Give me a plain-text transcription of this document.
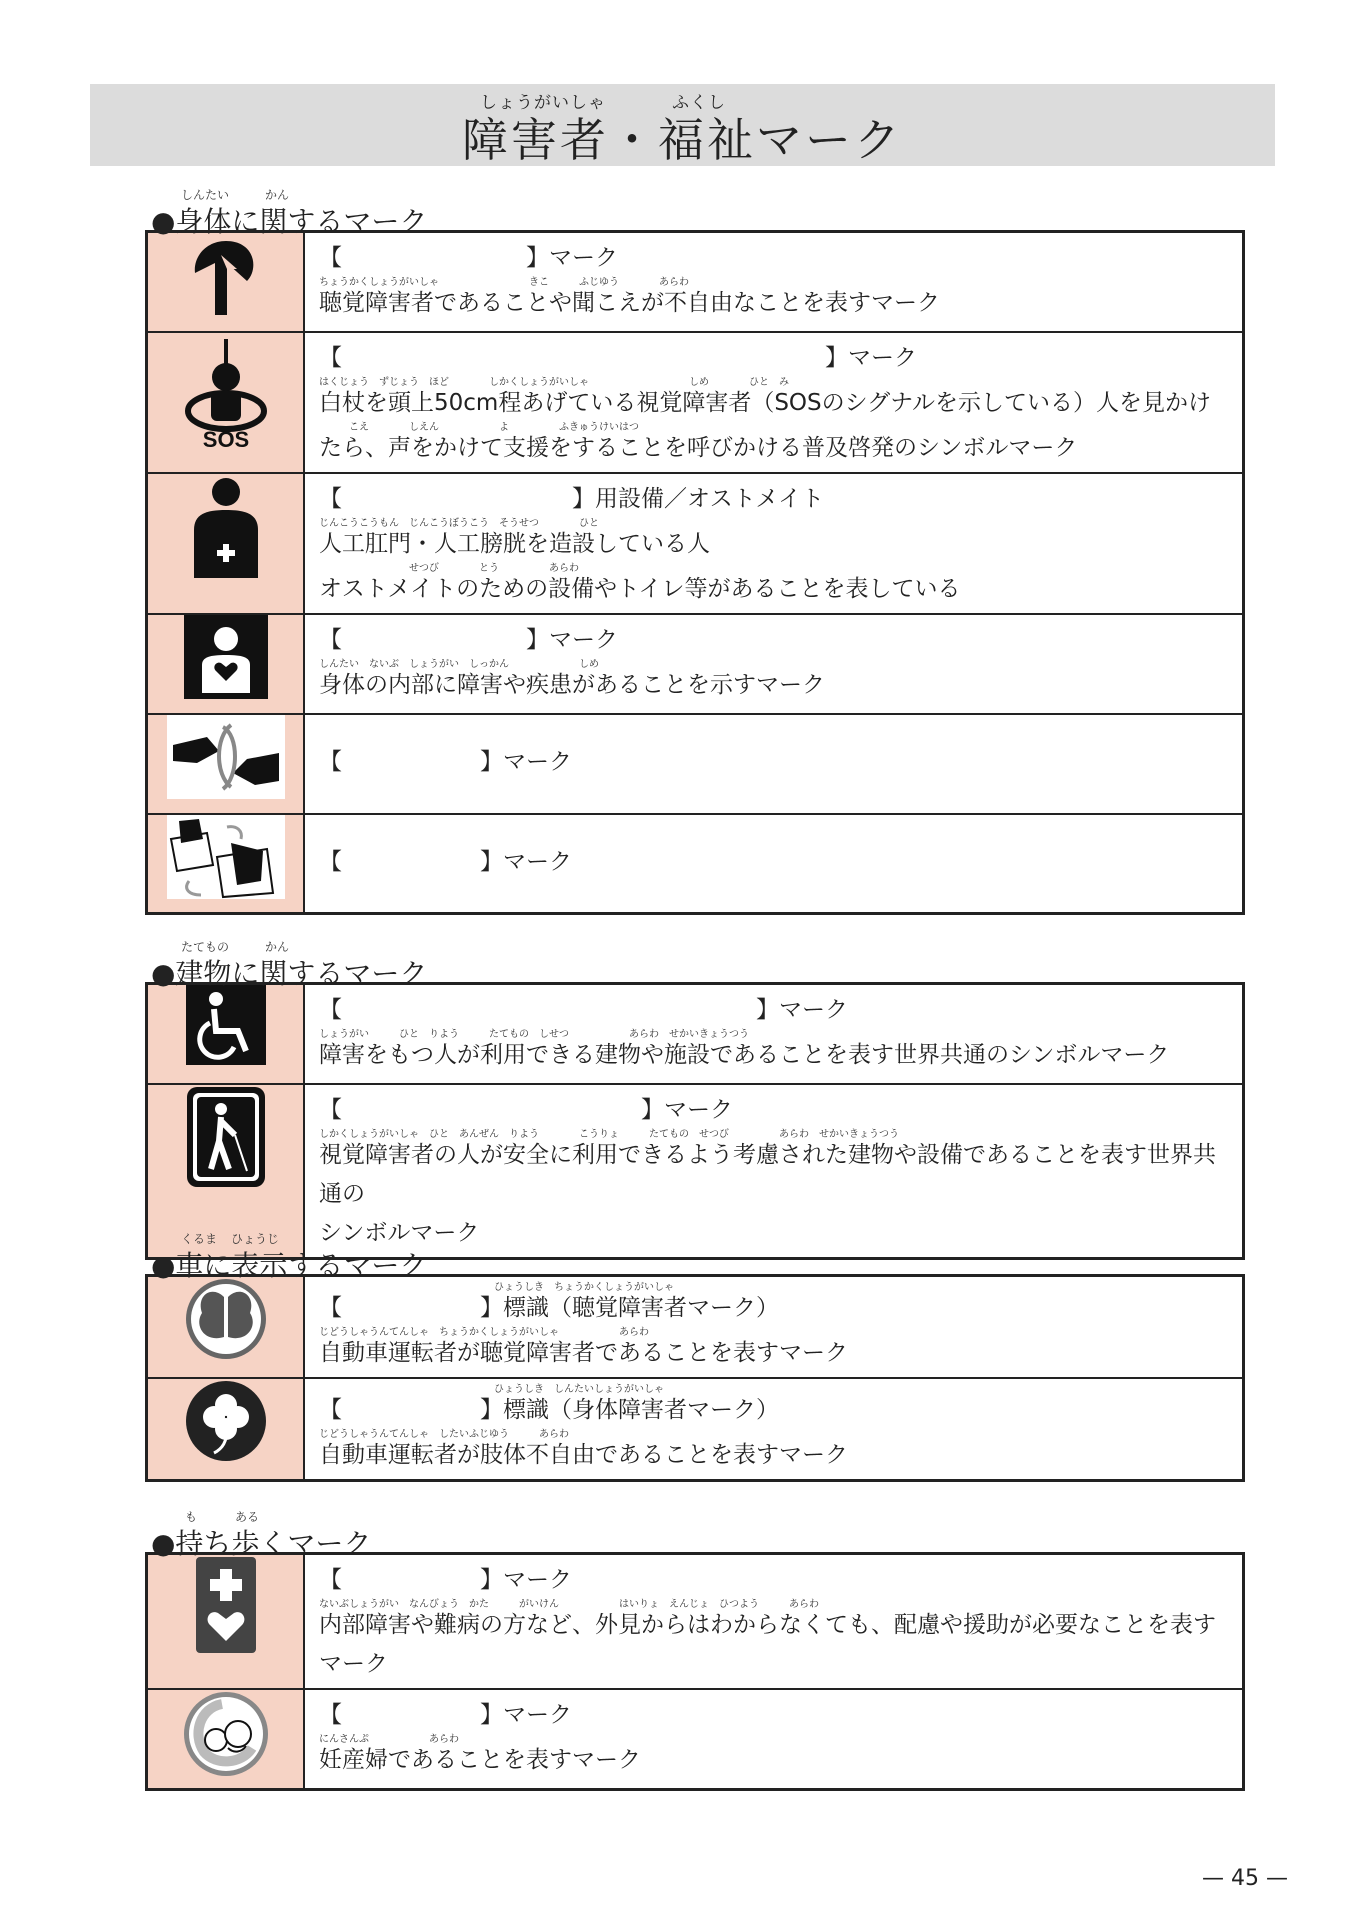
しょうがいしゃ	ふくし
障害者・福祉マーク
しんたい	かん
●身体に関するマーク

【　　　　　　　　】マーク
ちょうかくしょうがいしゃ　　　　　　　　　きこ　　　ふじゆう　　　　あらわ
聴覚障害者であることや聞こえが不自由なことを表すマーク

SOS	【　　　　　　　　　　　　　　　　　　　　　】マーク
はくじょう　ずじょう　ほど　　　　しかくしょうがいしゃ　　　　　　　　　　しめ　　　　ひと　み
白杖を頭上50cm程あげている視覚障害者（SOSのシグナルを示している）人を見かけ
　　　こえ　　　　しえん　　　　　　よ　　　　　ふきゅうけいはつ
たら、声をかけて支援をすることを呼びかける普及啓発のシンボルマーク

【　　　　　　　　　　】用設備／オストメイト
じんこうこうもん　じんこうぼうこう　そうせつ　　　　ひと
人工肛門・人工膀胱を造設している人
　　　　　　　　　せつび　　　　とう　　　　　あらわ
オストメイトのための設備やトイレ等があることを表している

【　　　　　　　　】マーク
しんたい　ないぶ　しょうがい　しっかん　　　　　　　しめ
身体の内部に障害や疾患があることを示すマーク

【　　　　　　】マーク

【　　　　　　】マーク
たてもの	かん
●建物に関するマーク

【　　　　　　　　　　　　　　　　　　】マーク
しょうがい　　　ひと　りよう　　　たてもの　しせつ　　　　　　あらわ　せかいきょうつう
障害をもつ人が利用できる建物や施設であることを表す世界共通のシンボルマーク

【　　　　　　　　　　　　　】マーク
しかくしょうがいしゃ　ひと　あんぜん　りよう　　　　こうりょ　　　たてもの　せつび　　　　　あらわ　せかいきょうつう
視覚障害者の人が安全に利用できるよう考慮された建物や設備であることを表す世界共通の
シンボルマーク
くるま ひょうじ
●車に表示するマーク

ひょうしき　ちょうかくしょうがいしゃ
【　　　　　　】標識（聴覚障害者マーク）
じどうしゃうんてんしゃ　ちょうかくしょうがいしゃ　　　　　　あらわ
自動車運転者が聴覚障害者であることを表すマーク

ひょうしき　しんたいしょうがいしゃ
【　　　　　　】標識（身体障害者マーク）
じどうしゃうんてんしゃ　したいふじゆう　　　あらわ
自動車運転者が肢体不自由であることを表すマーク
も	ある
●持ち歩くマーク

【　　　　　　】マーク
ないぶしょうがい　なんびょう　かた　　　がいけん　　　　　　はいりょ　えんじょ　ひつよう　　　あらわ
内部障害や難病の方など、外見からはわからなくても、配慮や援助が必要なことを表す
マーク

【　　　　　　】マーク
にんさんぷ　　　　　　あらわ
妊産婦であることを表すマーク
— 45 —
